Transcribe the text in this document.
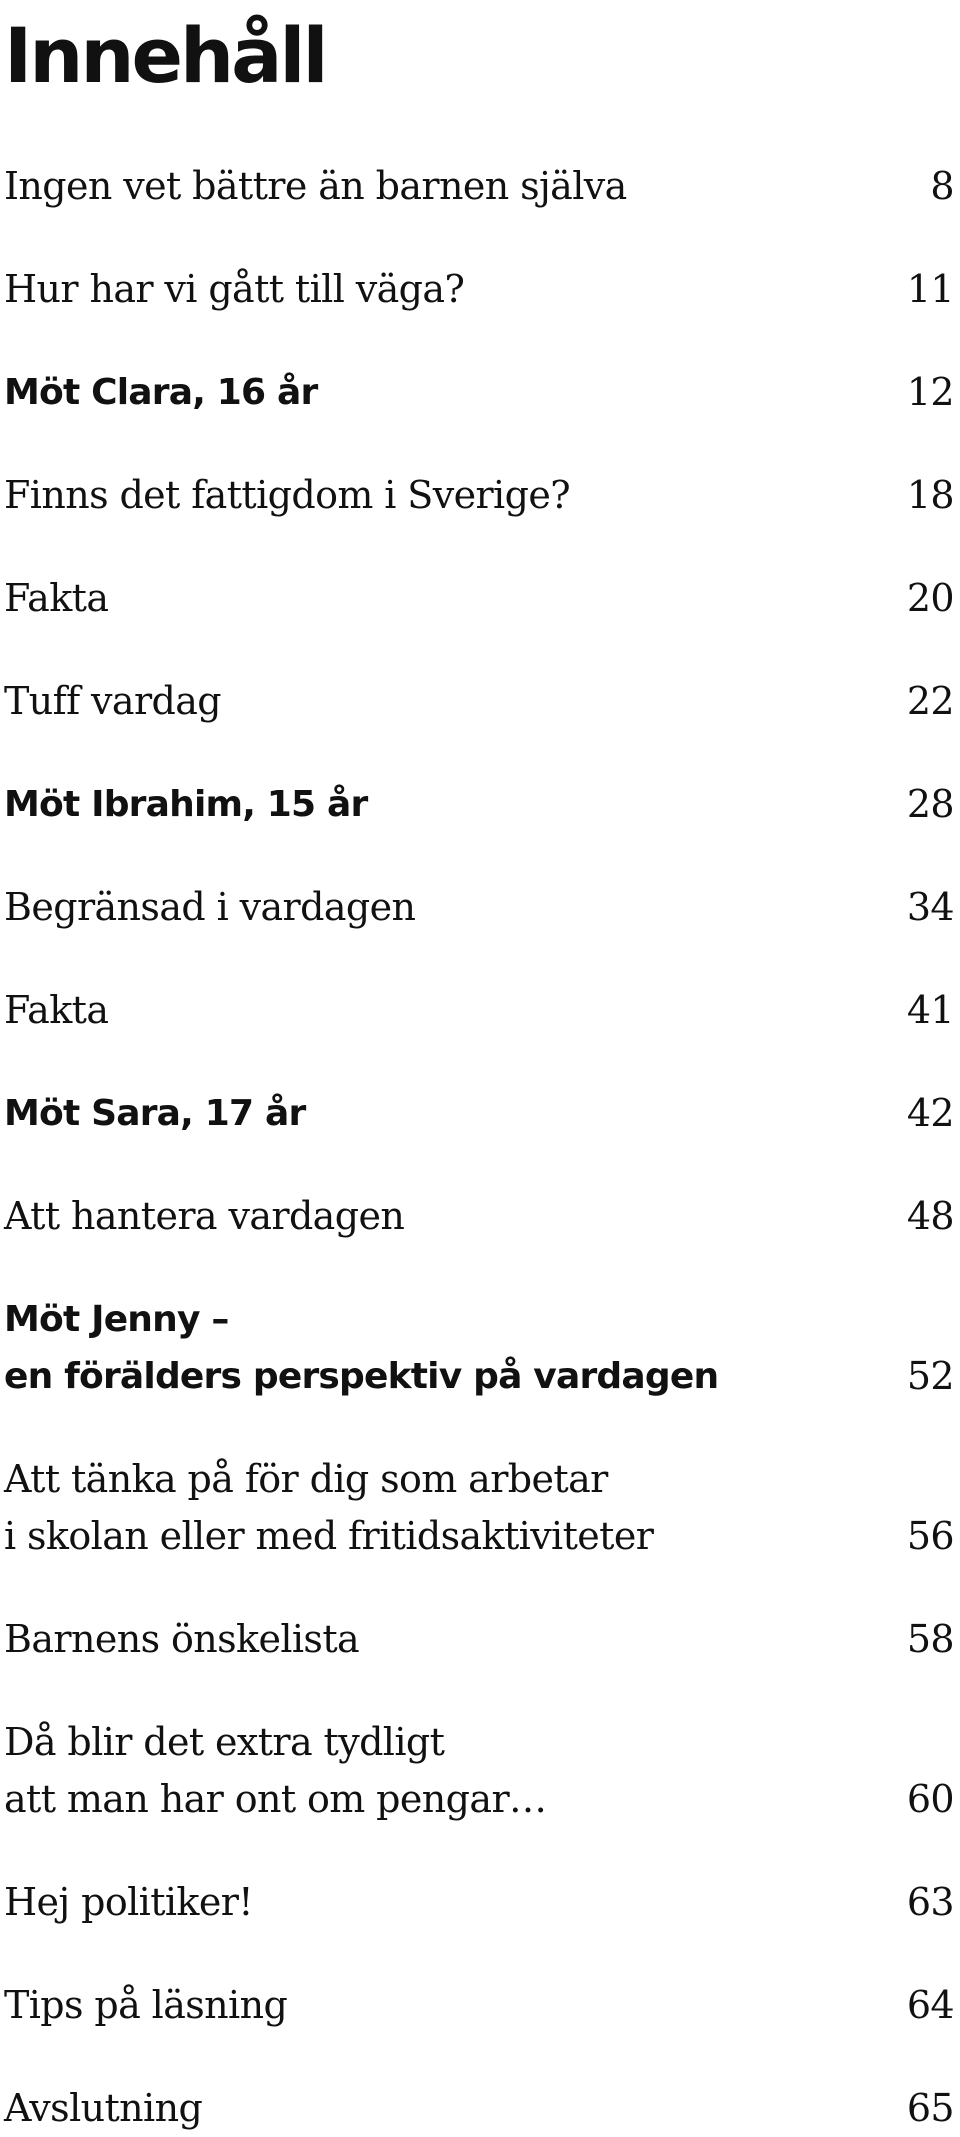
Innehåll
Ingen vet bättre än barnen själva	8
Hur har vi gått till väga?	11
Möt Clara, 16 år	12
Finns det fattigdom i Sverige?	18
Fakta	20
Tuff vardag	22
Möt Ibrahim, 15 år	28
Begränsad i vardagen	34
Fakta	41
Möt Sara, 17 år	42
Att hantera vardagen	48
Möt Jenny –
en förälders perspektiv på vardagen	52
Att tänka på för dig som arbetar
i skolan eller med fritidsaktiviteter	56
Barnens önskelista	58
Då blir det extra tydligt
att man har ont om pengar…	60
Hej politiker!	63
Tips på läsning	64
Avslutning	65
